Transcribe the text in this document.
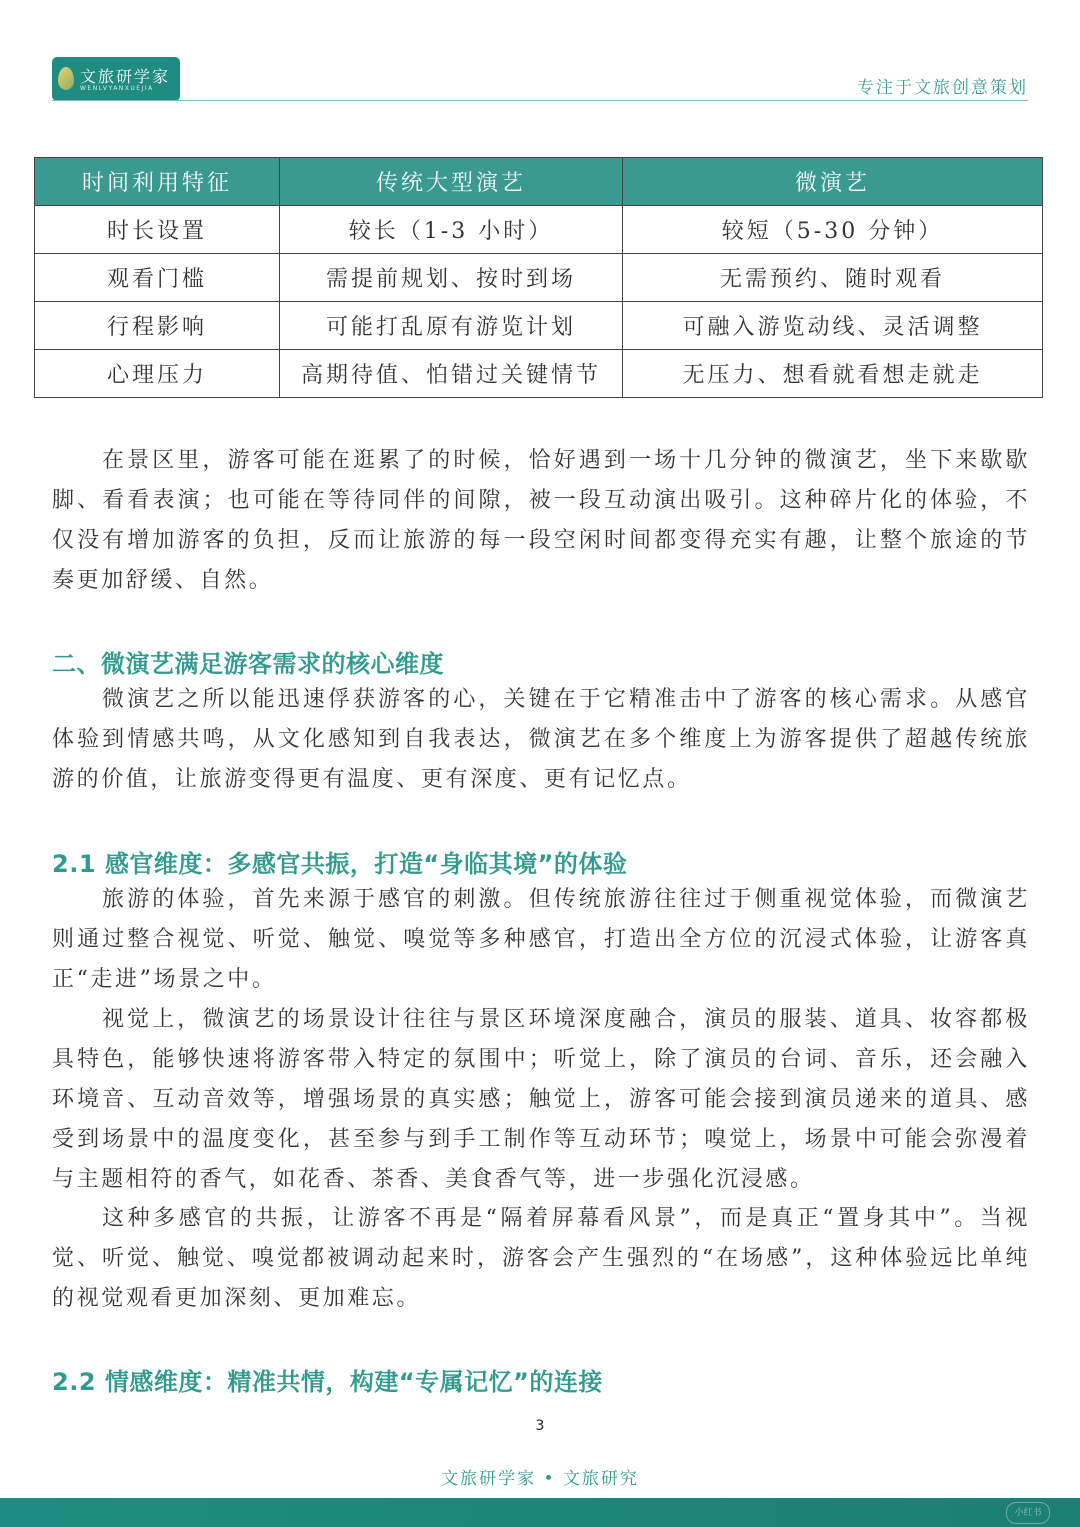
文旅研学家
WENLVYANXUEJIA	专注于文旅创意策划
时间利用特征	传统大型演艺	微演艺
时长设置	较长（1-3 小时）	较短（5-30 分钟）
观看门槛	需提前规划、按时到场	无需预约、随时观看
行程影响	可能打乱原有游览计划	可融入游览动线、灵活调整
心理压力	高期待值、怕错过关键情节	无压力、想看就看想走就走

在景区里，游客可能在逛累了的时候，恰好遇到一场十几分钟的微演艺，坐下来歇歇脚、看看表演；也可能在等待同伴的间隙，被一段互动演出吸引。这种碎片化的体验，不仅没有增加游客的负担，反而让旅游的每一段空闲时间都变得充实有趣，让整个旅途的节奏更加舒缓、自然。

二、微演艺满足游客需求的核心维度

微演艺之所以能迅速俘获游客的心，关键在于它精准击中了游客的核心需求。从感官体验到情感共鸣，从文化感知到自我表达，微演艺在多个维度上为游客提供了超越传统旅游的价值，让旅游变得更有温度、更有深度、更有记忆点。

2.1 感官维度：多感官共振，打造“身临其境”的体验

旅游的体验，首先来源于感官的刺激。但传统旅游往往过于侧重视觉体验，而微演艺则通过整合视觉、听觉、触觉、嗅觉等多种感官，打造出全方位的沉浸式体验，让游客真正“走进”场景之中。

视觉上，微演艺的场景设计往往与景区环境深度融合，演员的服装、道具、妆容都极具特色，能够快速将游客带入特定的氛围中；听觉上，除了演员的台词、音乐，还会融入环境音、互动音效等，增强场景的真实感；触觉上，游客可能会接到演员递来的道具、感受到场景中的温度变化，甚至参与到手工制作等互动环节；嗅觉上，场景中可能会弥漫着与主题相符的香气，如花香、茶香、美食香气等，进一步强化沉浸感。

这种多感官的共振，让游客不再是“隔着屏幕看风景”，而是真正“置身其中”。当视觉、听觉、触觉、嗅觉都被调动起来时，游客会产生强烈的“在场感”，这种体验远比单纯的视觉观看更加深刻、更加难忘。

2.2 情感维度：精准共情，构建“专属记忆”的连接
3
文旅研学家 • 文旅研究
小红书
